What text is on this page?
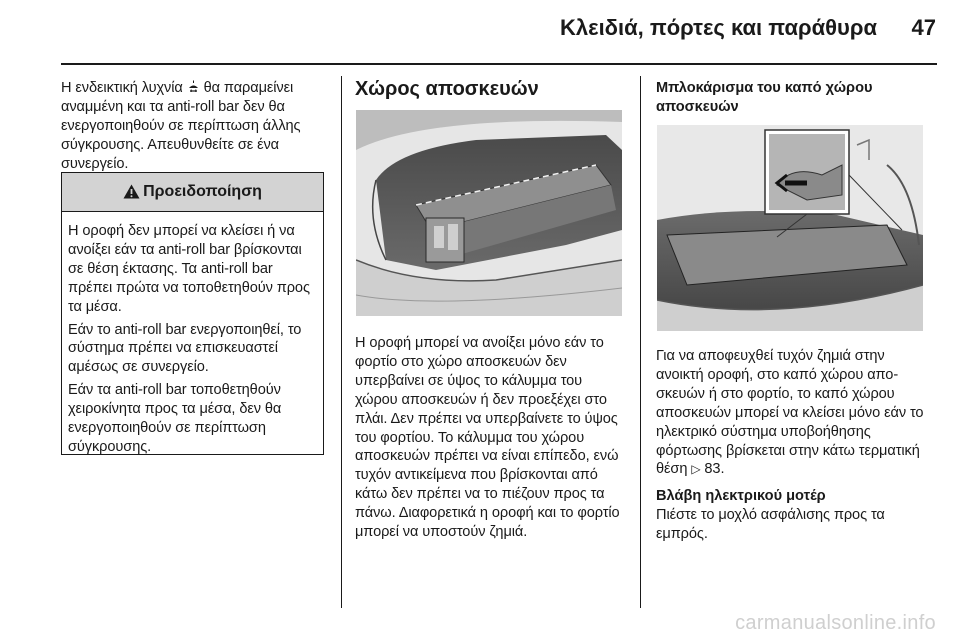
Κλειδιά, πόρτες και παράθυρα	47
Η ενδεικτική λυχνία  θα παραμείνει αναμμένη και τα anti-roll bar δεν θα ενεργοποιηθούν σε περίπτωση άλλης σύγκρουσης. Απευθυνθείτε σε ένα συνεργείο.
Προειδοποίηση

Η οροφή δεν μπορεί να κλείσει ή να ανοίξει εάν τα anti-roll bar βρίσκονται σε θέση έκτασης. Τα anti-roll bar πρέπει πρώτα να τοποθετηθούν προς τα μέσα.

Εάν το anti-roll bar ενεργοποιηθεί, το σύστημα πρέπει να επισκευαστεί αμέσως σε συνεργείο.

Εάν τα anti-roll bar τοποθετηθούν χειροκίνητα προς τα μέσα, δεν θα ενεργοποιηθούν σε περίπτωση σύγκρουσης.

Χώρος αποσκευών
Η οροφή μπορεί να ανοίξει μόνο εάν το φορτίο στο χώρο αποσκευών δεν υπερβαίνει σε ύψος το κάλυμμα του χώρου αποσκευών ή δεν προεξέχει στο πλάι. Δεν πρέπει να υπερβαίνετε το ύψος του φορτίου. Το κάλυμμα του χώρου αποσκευών πρέπει να είναι επίπεδο, ενώ τυχόν αντικείμενα που βρίσκονται από κάτω δεν πρέπει να το πιέζουν προς τα πάνω. Διαφορετικά η οροφή και το φορτίο μπορεί να υποστούν ζημιά.
Μπλοκάρισμα του καπό χώρου αποσκευών
Για να αποφευχθεί τυχόν ζημιά στην ανοικτή οροφή, στο καπό χώρου αποσκευών ή στο φορτίο, το καπό χώρου αποσκευών μπορεί να κλείσει μόνο εάν το ηλεκτρικό σύστημα υποβοήθησης φόρτωσης βρίσκεται στην κάτω τερματική θέση ▷ 83.
Βλάβη ηλεκτρικού μοτέρ
Πιέστε το μοχλό ασφάλισης προς τα εμπρός.
carmanualsonline.info
